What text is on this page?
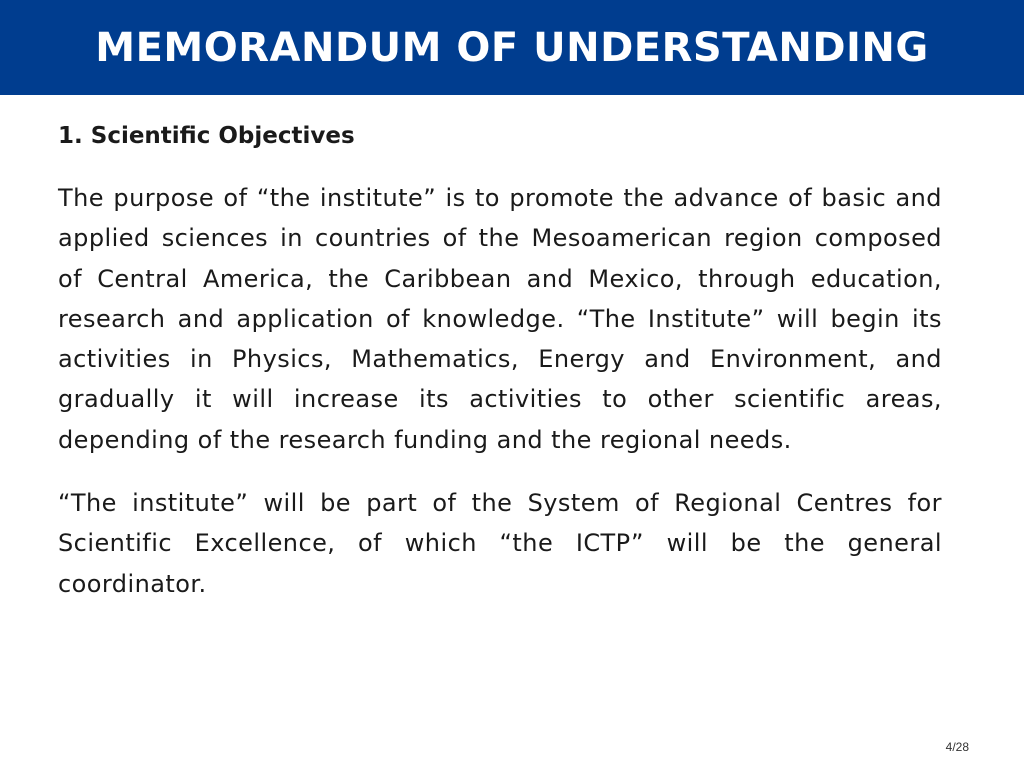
MEMORANDUM OF UNDERSTANDING
1. Scientific Objectives

The purpose of “the institute” is to promote the advance of basic and applied sciences in countries of the Mesoamerican region composed of Central America, the Caribbean and Mexico, through education, research and application of knowledge. “The Institute” will begin its activities in Physics, Mathematics, Energy and Environment, and gradually it will increase its activities to other scientific areas, depending of the research funding and the regional needs.

“The institute” will be part of the System of Regional Centres for Scientific Excellence, of which “the ICTP” will be the general coordinator.

4/28
